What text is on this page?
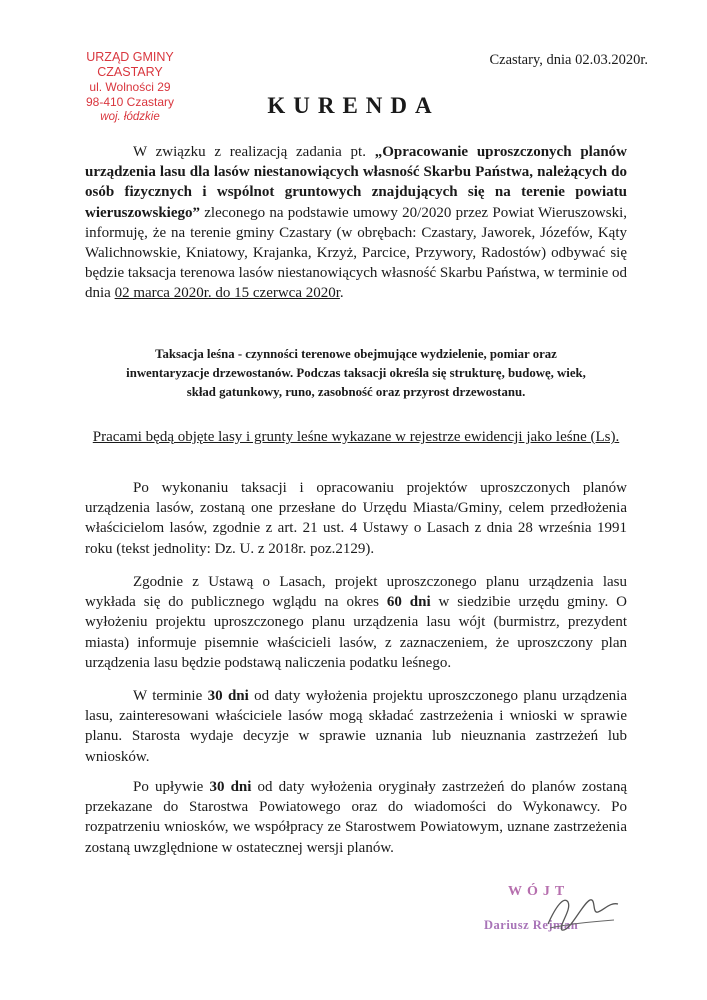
URZĄD GMINY CZASTARY
ul. Wolności 29
98-410 Czastary
woj. łódzkie
Czastary, dnia 02.03.2020r.
KURENDA

W związku z realizacją zadania pt. „Opracowanie uproszczonych planów urządzenia lasu dla lasów niestanowiących własność Skarbu Państwa, należących do osób fizycznych i wspólnot gruntowych znajdujących się na terenie powiatu wieruszowskiego” zleconego na podstawie umowy 20/2020 przez Powiat Wieruszowski, informuję, że na terenie gminy Czastary (w obrębach: Czastary, Jaworek, Józefów, Kąty Walichnowskie, Kniatowy, Krajanka, Krzyż, Parcice, Przywory, Radostów) odbywać się będzie taksacja terenowa lasów niestanowiących własność Skarbu Państwa, w terminie od dnia 02 marca 2020r. do 15 czerwca 2020r.

Taksacja leśna - czynności terenowe obejmujące wydzielenie, pomiar oraz inwentaryzacje drzewostanów. Podczas taksacji określa się strukturę, budowę, wiek, skład gatunkowy, runo, zasobność oraz przyrost drzewostanu.

Pracami będą objęte lasy i grunty leśne wykazane w rejestrze ewidencji jako leśne (Ls).

Po wykonaniu taksacji i opracowaniu projektów uproszczonych planów urządzenia lasów, zostaną one przesłane do Urzędu Miasta/Gminy, celem przedłożenia właścicielom lasów, zgodnie z art. 21 ust. 4 Ustawy o Lasach z dnia 28 września 1991 roku (tekst jednolity: Dz. U. z 2018r. poz.2129).

Zgodnie z Ustawą o Lasach, projekt uproszczonego planu urządzenia lasu wykłada się do publicznego wglądu na okres 60 dni w siedzibie urzędu gminy. O wyłożeniu projektu uproszczonego planu urządzenia lasu wójt (burmistrz, prezydent miasta) informuje pisemnie właścicieli lasów, z zaznaczeniem, że uproszczony plan urządzenia lasu będzie podstawą naliczenia podatku leśnego.

W terminie 30 dni od daty wyłożenia projektu uproszczonego planu urządzenia lasu, zainteresowani właściciele lasów mogą składać zastrzeżenia i wnioski w sprawie planu. Starosta wydaje decyzje w sprawie uznania lub nieuznania zastrzeżeń lub wniosków.

Po upływie 30 dni od daty wyłożenia oryginały zastrzeżeń do planów zostaną przekazane do Starostwa Powiatowego oraz do wiadomości do Wykonawcy. Po rozpatrzeniu wniosków, we współpracy ze Starostwem Powiatowym, uznane zastrzeżenia zostaną uwzględnione w ostatecznej wersji planów.

WÓJT
Dariusz Rejman
